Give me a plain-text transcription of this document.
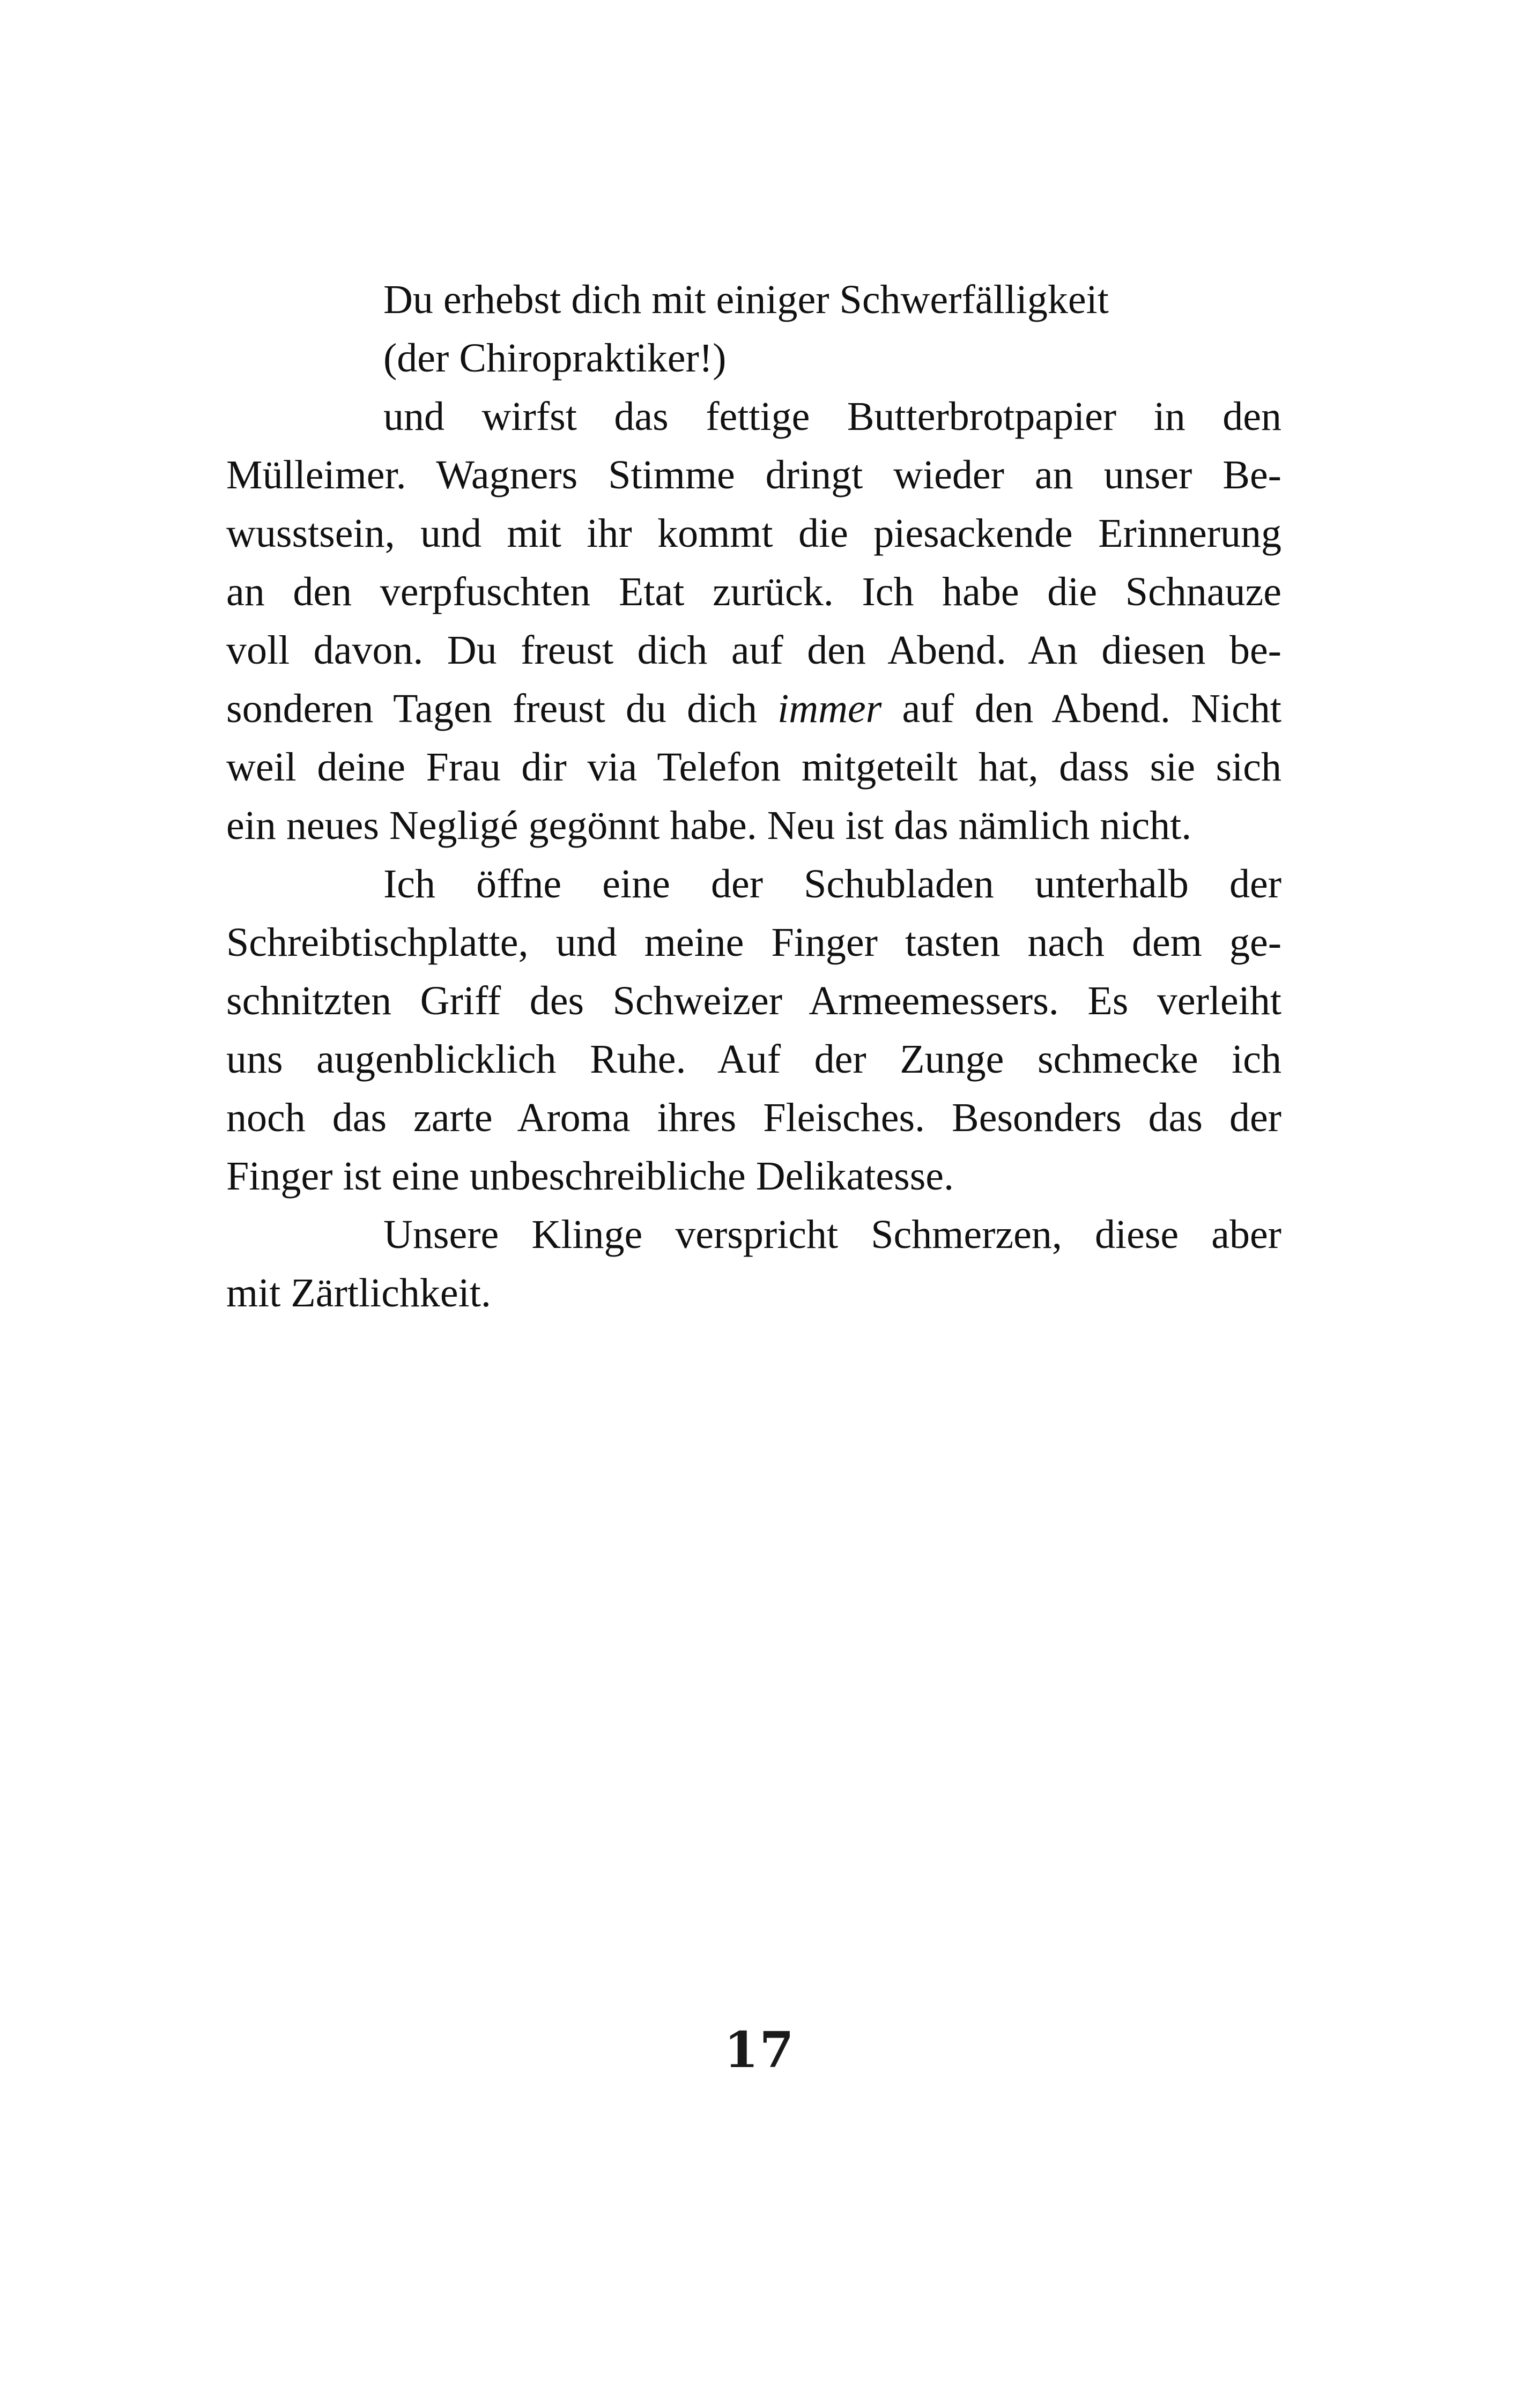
Du erhebst dich mit einiger Schwerfälligkeit
(der Chiropraktiker!)
und wirfst das fettige Butterbrotpapier in den
Mülleimer. Wagners Stimme dringt wieder an unser Be-
wusstsein, und mit ihr kommt die piesackende Erinnerung
an den verpfuschten Etat zurück. Ich habe die Schnauze
voll davon. Du freust dich auf den Abend. An diesen be-
sonderen Tagen freust du dich immer auf den Abend. Nicht
weil deine Frau dir via Telefon mitgeteilt hat, dass sie sich
ein neues Negligé gegönnt habe. Neu ist das nämlich nicht.
Ich öffne eine der Schubladen unterhalb der
Schreibtischplatte, und meine Finger tasten nach dem ge-
schnitzten Griff des Schweizer Armeemessers. Es verleiht
uns augenblicklich Ruhe. Auf der Zunge schmecke ich
noch das zarte Aroma ihres Fleisches. Besonders das der
Finger ist eine unbeschreibliche Delikatesse.
Unsere Klinge verspricht Schmerzen, diese aber
mit Zärtlichkeit.
17
